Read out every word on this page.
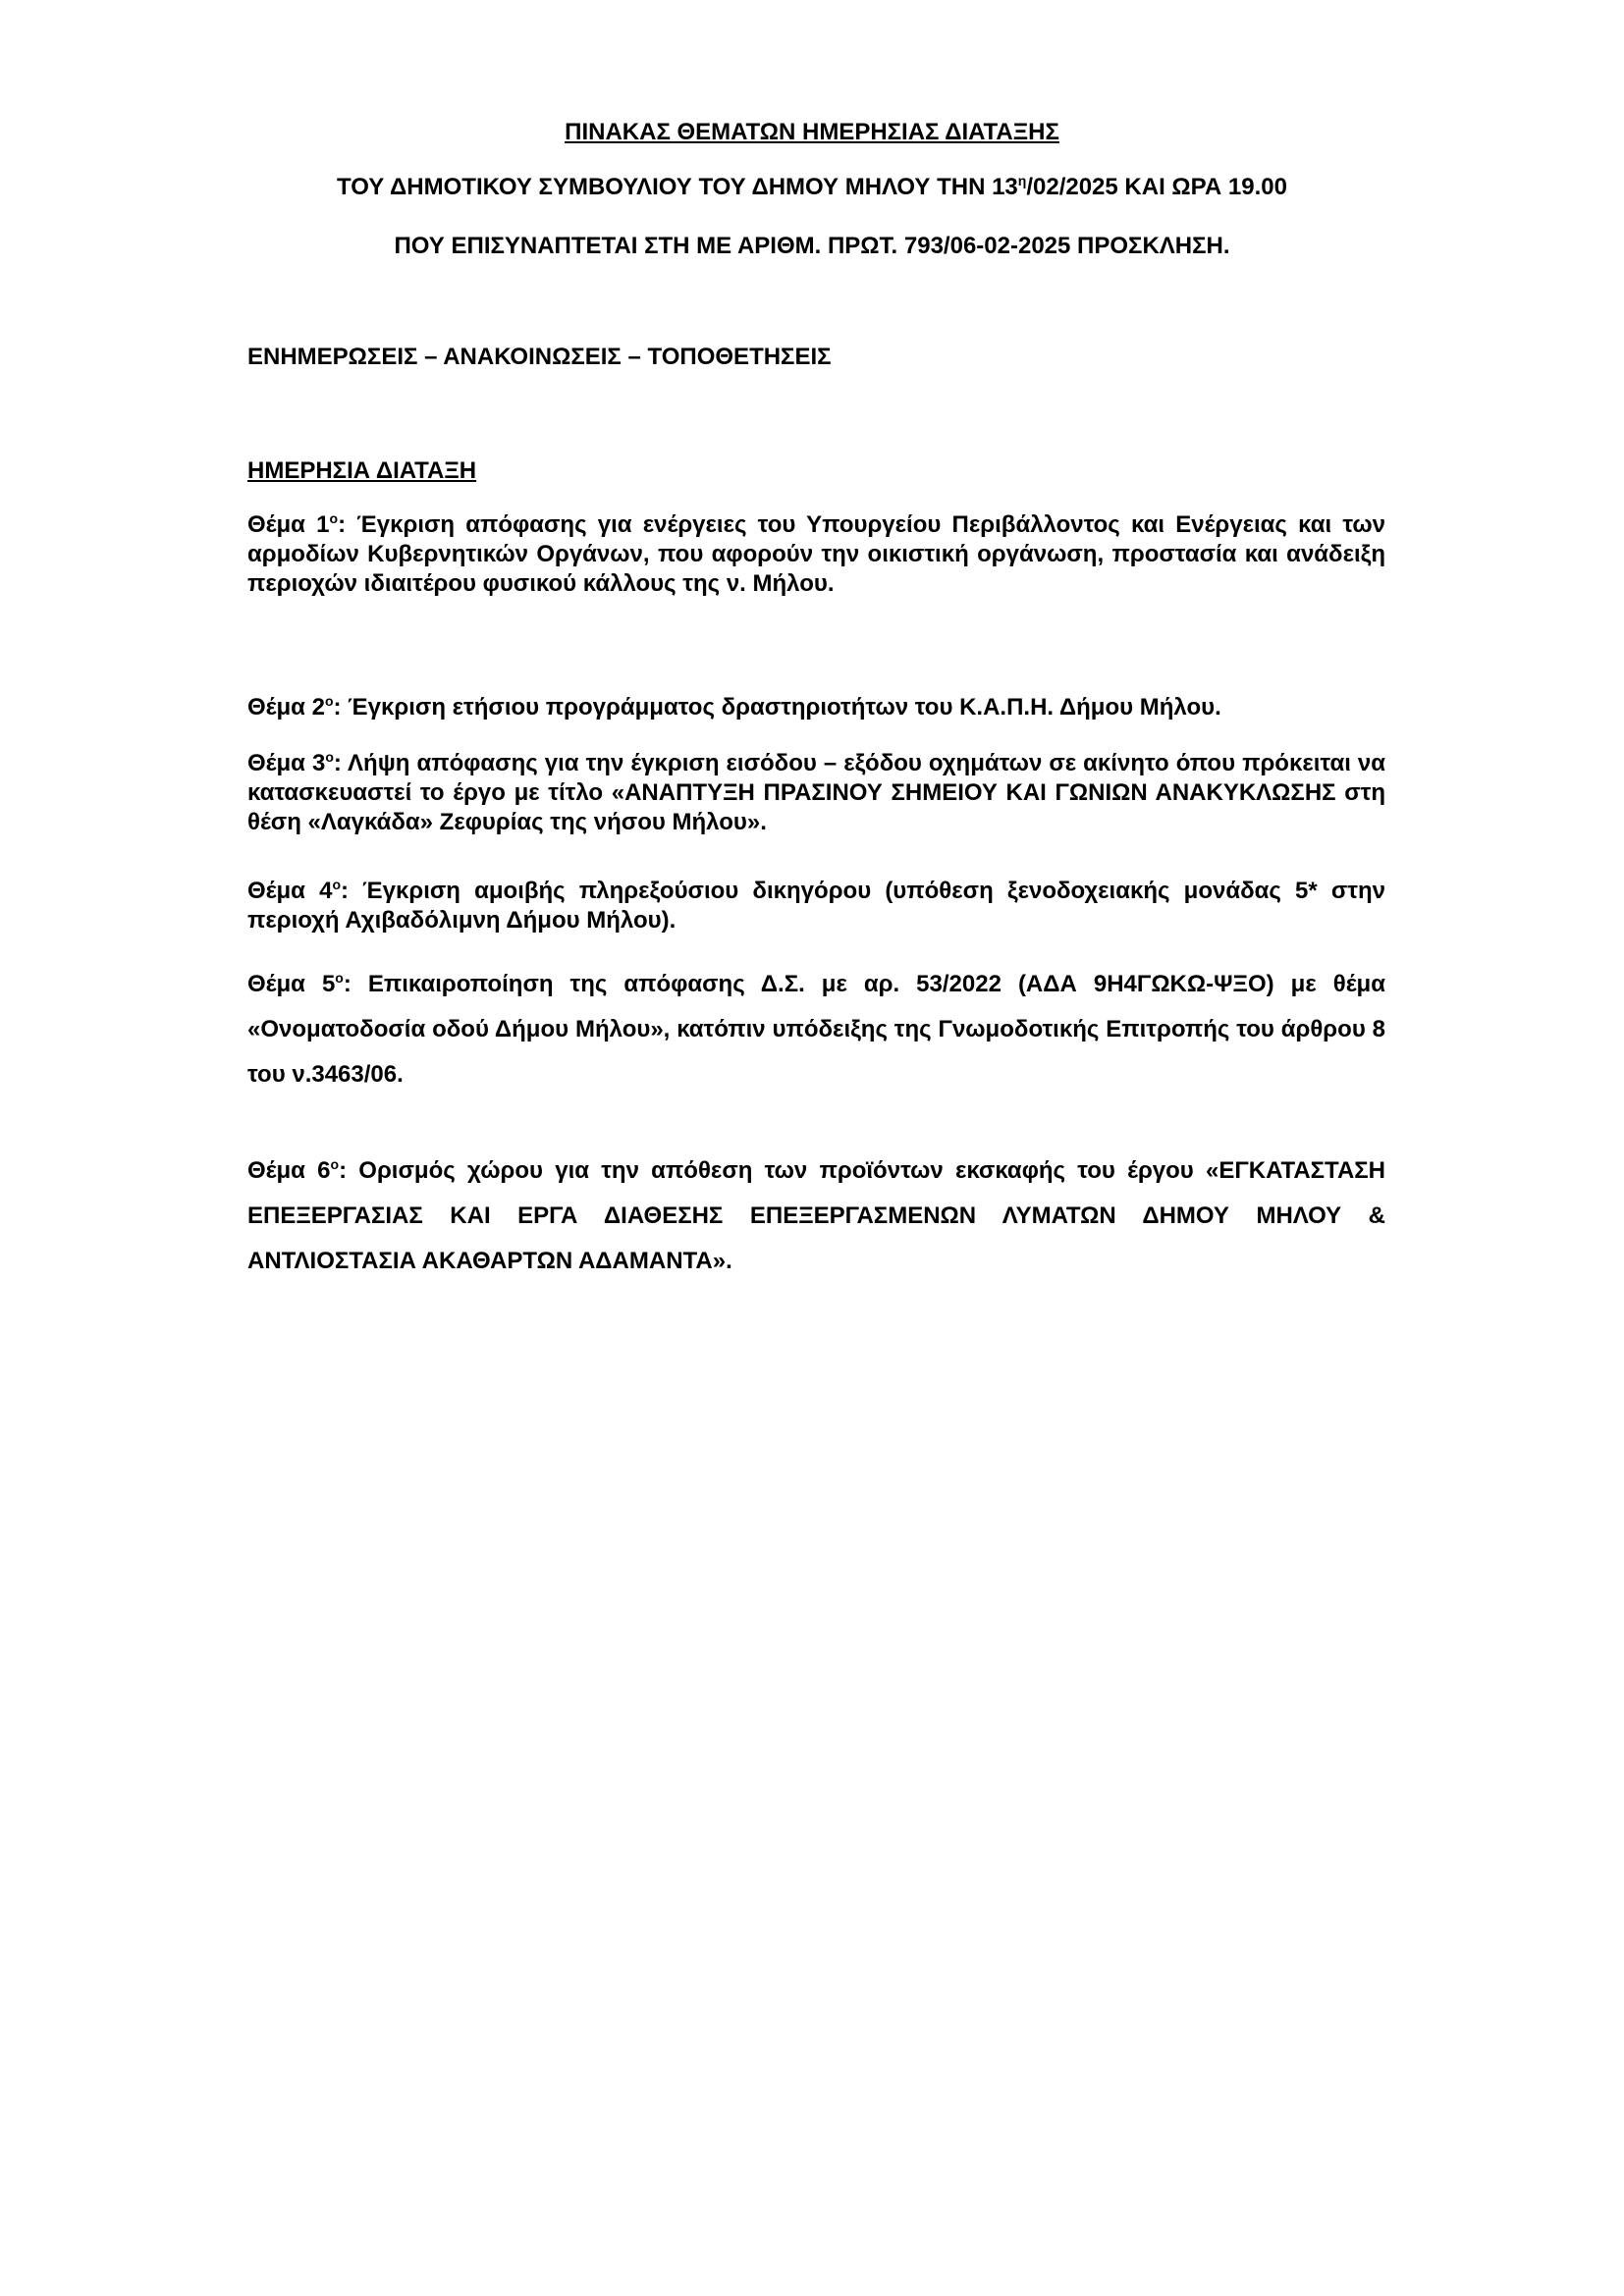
ΠΙΝΑΚΑΣ ΘΕΜΑΤΩΝ ΗΜΕΡΗΣΙΑΣ ΔΙΑΤΑΞΗΣ

ΤΟΥ ΔΗΜΟΤΙΚΟΥ ΣΥΜΒΟΥΛΙΟΥ ΤΟΥ ΔΗΜΟΥ ΜΗΛΟΥ ΤΗΝ $13^\eta/02/2025$ ΚΑΙ ΩΡΑ 19.00

ΠΟΥ ΕΠΙΣΥΝΑΠΤΕΤΑΙ ΣΤΗ ΜΕ ΑΡΙΘΜ. ΠΡΩΤ. 793/06-02-2025 ΠΡΟΣΚΛΗΣΗ.

ΕΝΗΜΕΡΩΣΕΙΣ – ΑΝΑΚΟΙΝΩΣΕΙΣ – ΤΟΠΟΘΕΤΗΣΕΙΣ

ΗΜΕΡΗΣΙΑ ΔΙΑΤΑΞΗ

Θέμα $1^o$: Έγκριση απόφασης για ενέργειες του Υπουργείου Περιβάλλοντος και Ενέργειας και των αρμοδίων Κυβερνητικών Οργάνων, που αφορούν την οικιστική οργάνωση, προστασία και ανάδειξη περιοχών ιδιαιτέρου φυσικού κάλλους της ν. Μήλου.

Θέμα $2^o$: Έγκριση ετήσιου προγράμματος δραστηριοτήτων του Κ.Α.Π.Η. Δήμου Μήλου.

Θέμα $3^o$: Λήψη απόφασης για την έγκριση εισόδου – εξόδου οχημάτων σε ακίνητο όπου πρόκειται να κατασκευαστεί το έργο με τίτλο «ΑΝΑΠΤΥΞΗ ΠΡΑΣΙΝΟΥ ΣΗΜΕΙΟΥ ΚΑΙ ΓΩΝΙΩΝ ΑΝΑΚΥΚΛΩΣΗΣ στη θέση «Λαγκάδα» Ζεφυρίας της νήσου Μήλου».

Θέμα $4^o$: Έγκριση αμοιβής πληρεξούσιου δικηγόρου (υπόθεση ξενοδοχειακής μονάδας 5* στην περιοχή Αχιβαδόλιμνη Δήμου Μήλου).

Θέμα $5^o$: Επικαιροποίηση της απόφασης Δ.Σ. με αρ. 53/2022 (ΑΔΑ 9Η4ΓΩΚΩ-ΨΞΟ) με θέμα «Ονοματοδοσία οδού Δήμου Μήλου», κατόπιν υπόδειξης της Γνωμοδοτικής Επιτροπής του άρθρου 8 του ν.3463/06.

Θέμα $6^o$: Ορισμός χώρου για την απόθεση των προϊόντων εκσκαφής του έργου «ΕΓΚΑΤΑΣΤΑΣΗ ΕΠΕΞΕΡΓΑΣΙΑΣ ΚΑΙ ΕΡΓΑ ΔΙΑΘΕΣΗΣ ΕΠΕΞΕΡΓΑΣΜΕΝΩΝ ΛΥΜΑΤΩΝ ΔΗΜΟΥ ΜΗΛΟΥ & ΑΝΤΛΙΟΣΤΑΣΙΑ ΑΚΑΘΑΡΤΩΝ ΑΔΑΜΑΝΤΑ».
